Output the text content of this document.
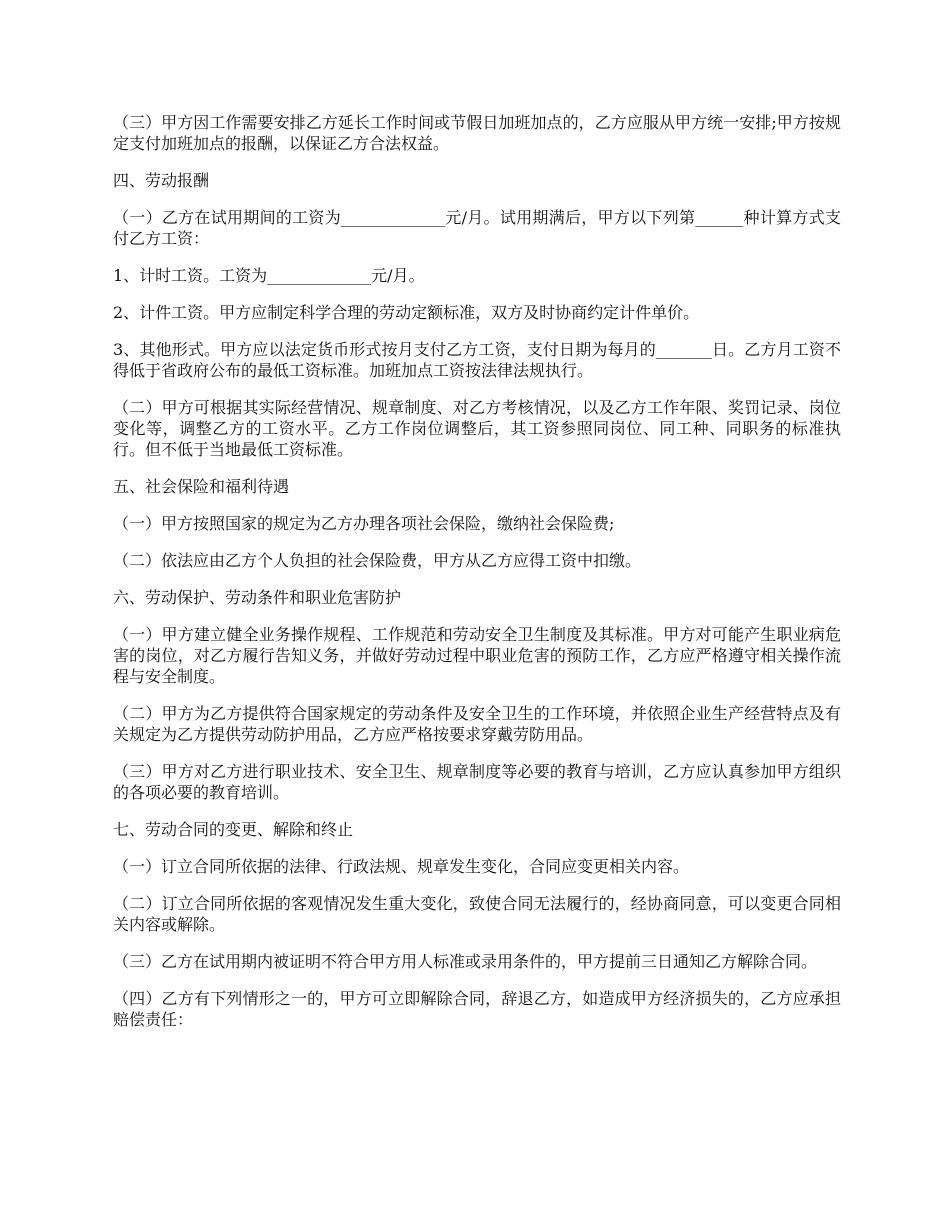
（三）甲方因工作需要安排乙方延长工作时间或节假日加班加点的，乙方应服从甲方统一安排;甲方按规定支付加班加点的报酬，以保证乙方合法权益。

四、劳动报酬

（一）乙方在试用期间的工资为_____________元/月。试用期满后，甲方以下列第______种计算方式支付乙方工资：

1、计时工资。工资为_____________元/月。

2、计件工资。甲方应制定科学合理的劳动定额标准，双方及时协商约定计件单价。

3、其他形式。甲方应以法定货币形式按月支付乙方工资，支付日期为每月的_______日。乙方月工资不得低于省政府公布的最低工资标准。加班加点工资按法律法规执行。

（二）甲方可根据其实际经营情况、规章制度、对乙方考核情况，以及乙方工作年限、奖罚记录、岗位变化等，调整乙方的工资水平。乙方工作岗位调整后，其工资参照同岗位、同工种、同职务的标准执行。但不低于当地最低工资标准。

五、社会保险和福利待遇

（一）甲方按照国家的规定为乙方办理各项社会保险，缴纳社会保险费;

（二）依法应由乙方个人负担的社会保险费，甲方从乙方应得工资中扣缴。

六、劳动保护、劳动条件和职业危害防护

（一）甲方建立健全业务操作规程、工作规范和劳动安全卫生制度及其标准。甲方对可能产生职业病危害的岗位，对乙方履行告知义务，并做好劳动过程中职业危害的预防工作，乙方应严格遵守相关操作流程与安全制度。

（二）甲方为乙方提供符合国家规定的劳动条件及安全卫生的工作环境，并依照企业生产经营特点及有关规定为乙方提供劳动防护用品，乙方应严格按要求穿戴劳防用品。

（三）甲方对乙方进行职业技术、安全卫生、规章制度等必要的教育与培训，乙方应认真参加甲方组织的各项必要的教育培训。

七、劳动合同的变更、解除和终止

（一）订立合同所依据的法律、行政法规、规章发生变化，合同应变更相关内容。

（二）订立合同所依据的客观情况发生重大变化，致使合同无法履行的，经协商同意，可以变更合同相关内容或解除。

（三）乙方在试用期内被证明不符合甲方用人标准或录用条件的，甲方提前三日通知乙方解除合同。

（四）乙方有下列情形之一的，甲方可立即解除合同，辞退乙方，如造成甲方经济损失的，乙方应承担赔偿责任：
